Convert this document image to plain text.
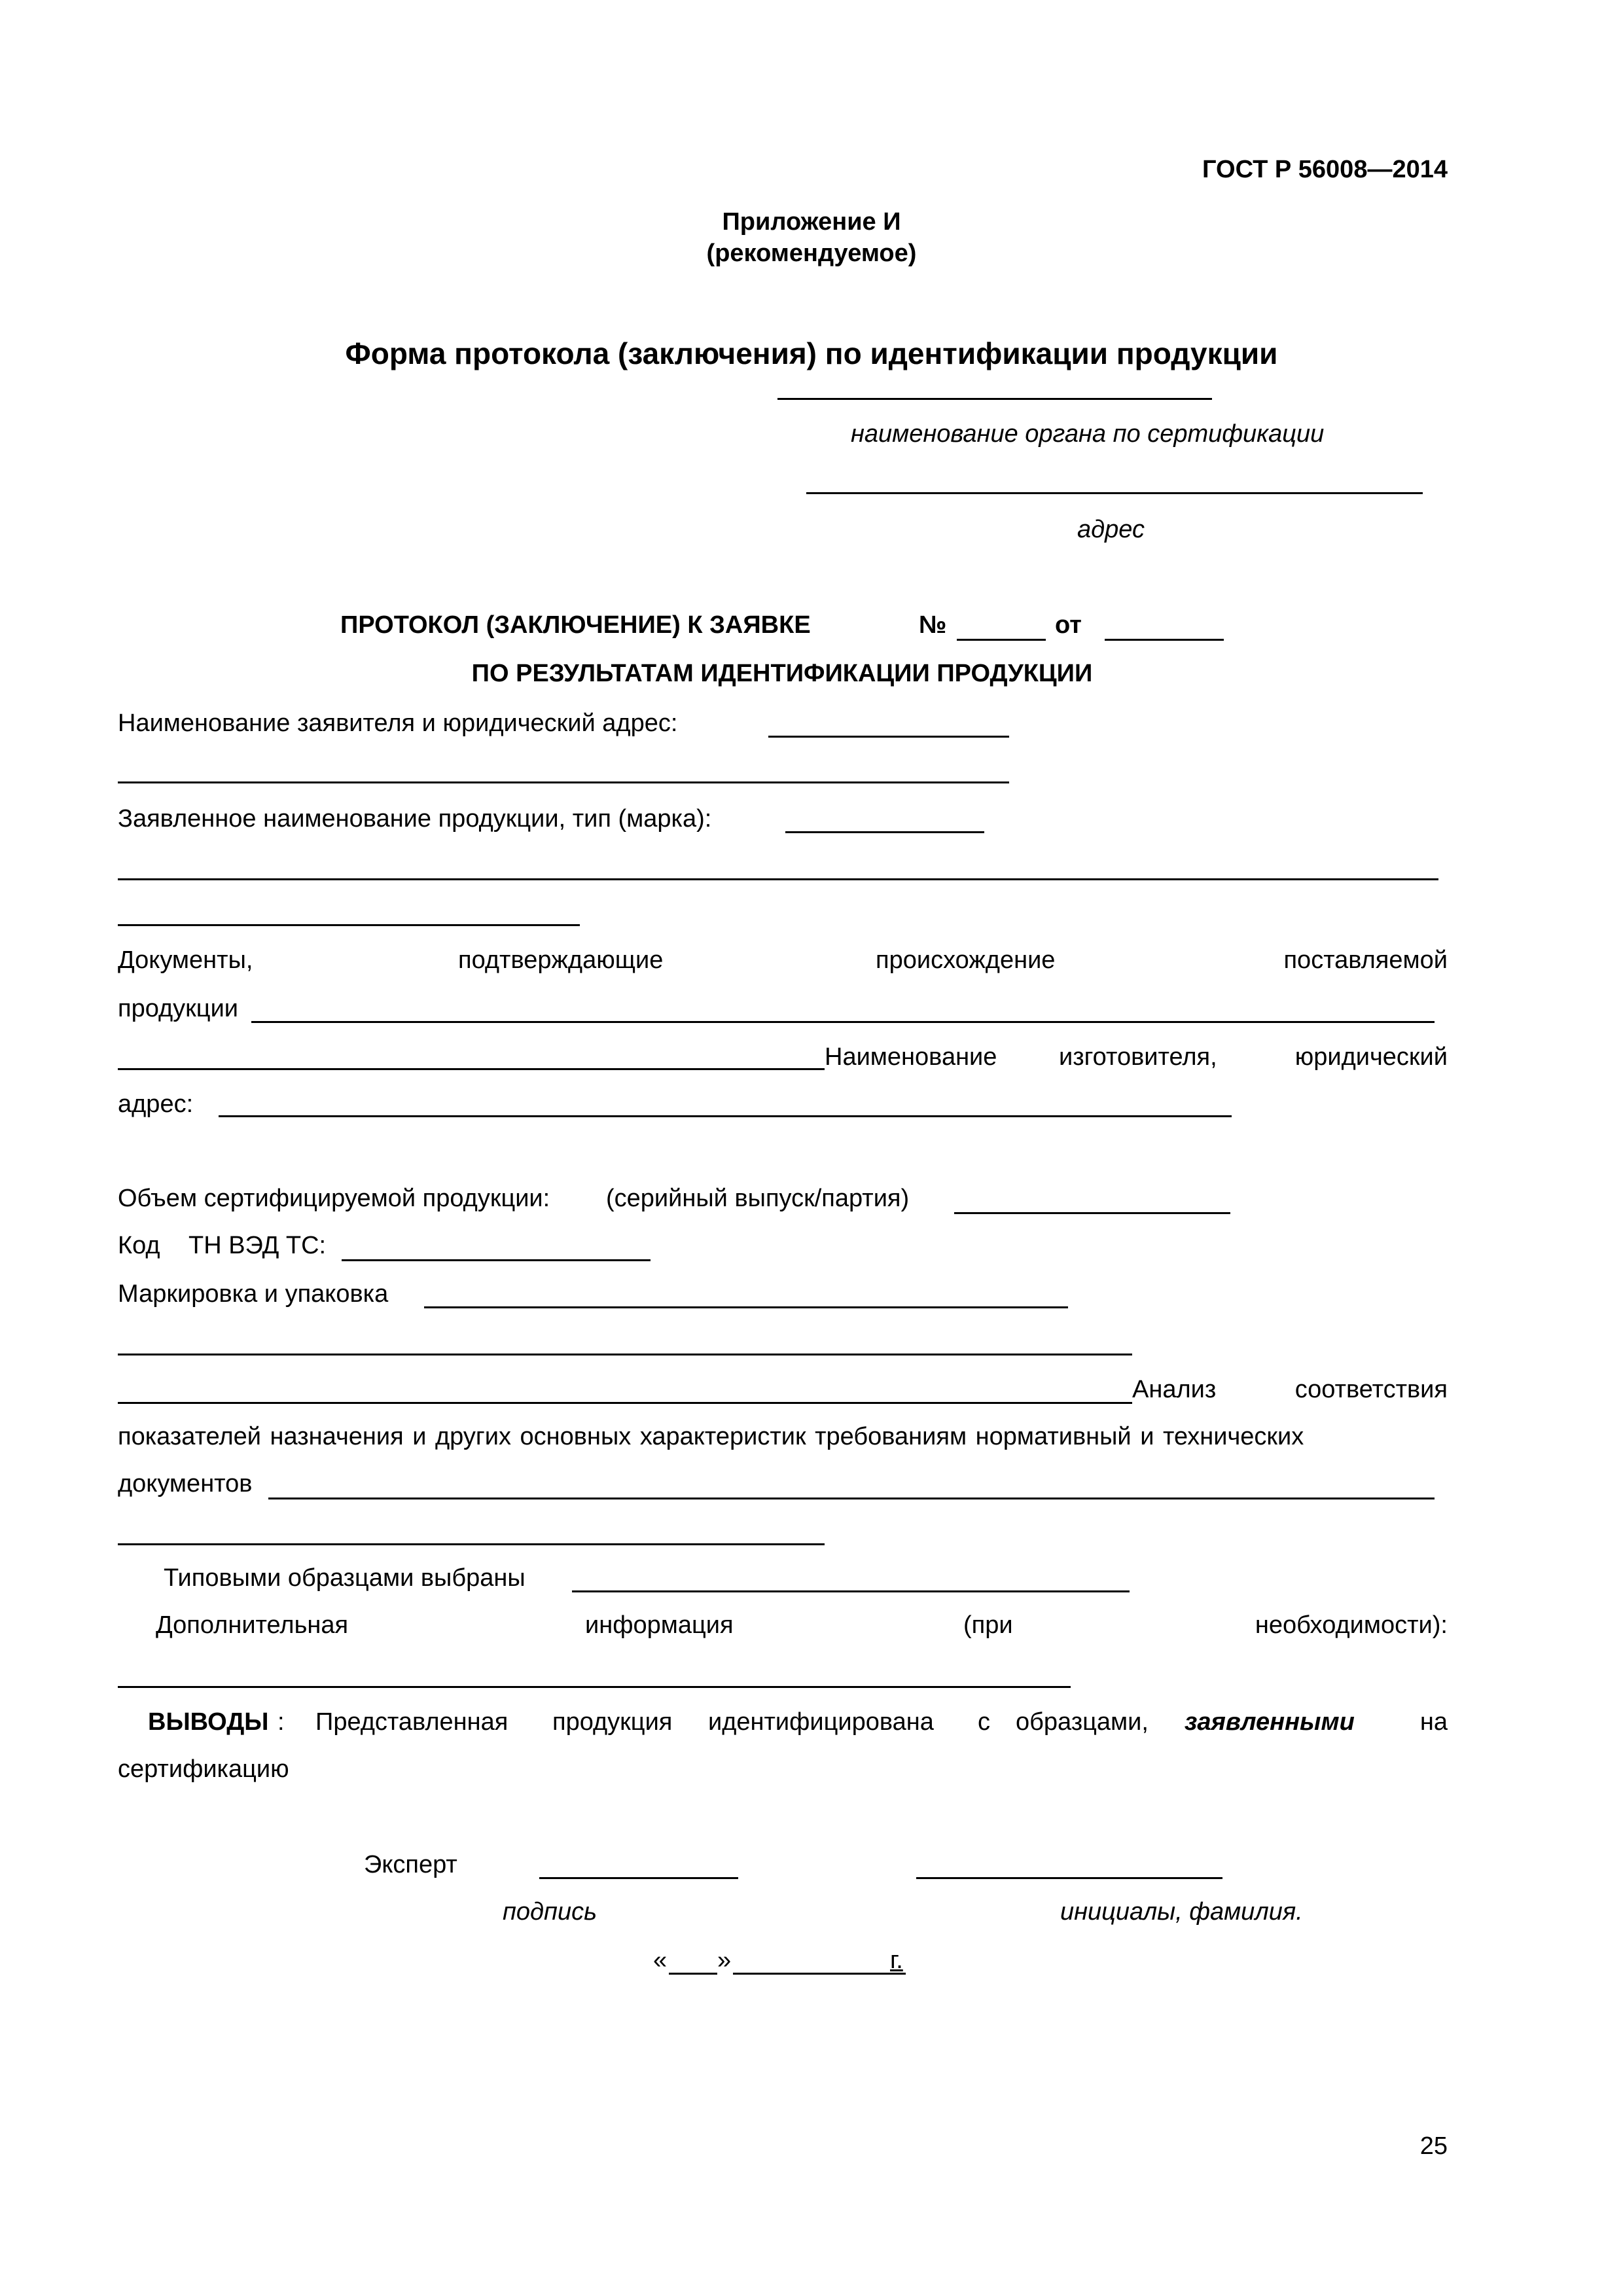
ГОСТ Р 56008—2014
Приложение И
(рекомендуемое)
Форма протокола (заключения) по идентификации продукции
наименование органа по сертификации
адрес
ПРОТОКОЛ (ЗАКЛЮЧЕНИЕ) К ЗАЯВКЕ	№	от
ПО РЕЗУЛЬТАТАМ ИДЕНТИФИКАЦИИ ПРОДУКЦИИ
Наименование заявителя и юридический адрес:
Заявленное наименование продукции, тип (марка):
Документы,	подтверждающие	происхождение	поставляемой
продукции
Наименование изготовителя,	юридический
адрес:
Объем сертифицируемой продукции: (серийный выпуск/партия)
Код ТН ВЭД ТС:
Маркировка и упаковка
Анализ	соответствия
показателей назначения и других основных характеристик требованиям нормативный и технических
документов
Типовыми образцами выбраны
Дополнительная	информация	(при	необходимости):
ВЫВОДЫ : Представленная продукция идентифицирована с образцами, заявленными	на
сертификацию
Эксперт
подпись	инициалы, фамилия.
« »	г.
25
